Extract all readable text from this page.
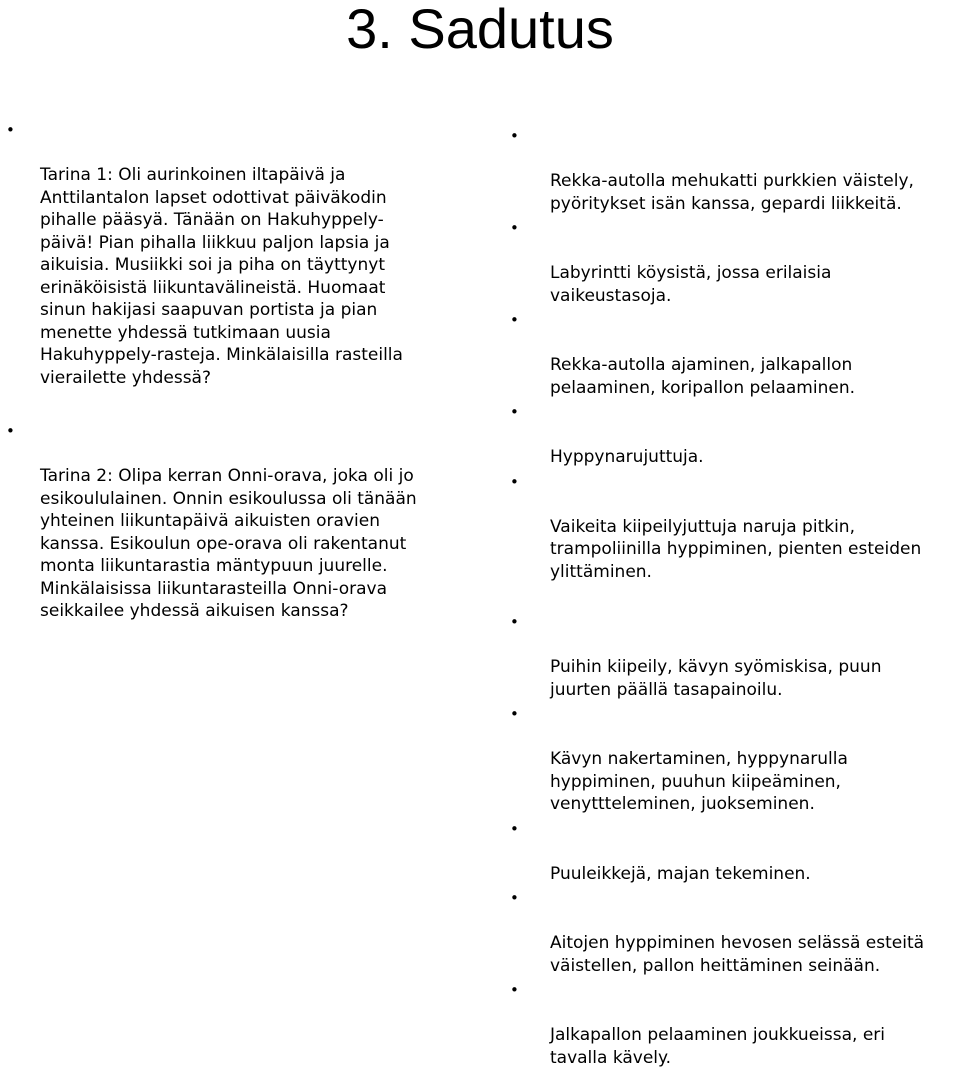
3. Sadutus

•

Tarina 1: Oli aurinkoinen iltapäivä ja
Anttilantalon lapset odottivat päiväkodin
pihalle pääsyä. Tänään on Hakuhyppely-
päivä! Pian pihalla liikkuu paljon lapsia ja
aikuisia. Musiikki soi ja piha on täyttynyt
erinäköisistä liikuntavälineistä. Huomaat
sinun hakijasi saapuvan portista ja pian
menette yhdessä tutkimaan uusia
Hakuhyppely-rasteja. Minkälaisilla rasteilla
vierailette yhdessä?

•

Tarina 2: Olipa kerran Onni-orava, joka oli jo
esikoululainen. Onnin esikoulussa oli tänään
yhteinen liikuntapäivä aikuisten oravien
kanssa. Esikoulun ope-orava oli rakentanut
monta liikuntarastia mäntypuun juurelle.
Minkälaisissa liikuntarasteilla Onni-orava
seikkailee yhdessä aikuisen kanssa?

•

Rekka-autolla mehukatti purkkien väistely,
pyöritykset isän kanssa, gepardi liikkeitä.

•

Labyrintti köysistä, jossa erilaisia
vaikeustasoja.

•

Rekka-autolla ajaminen, jalkapallon
pelaaminen, koripallon pelaaminen.

•

Hyppynarujuttuja.

•

Vaikeita kiipeilyjuttuja naruja pitkin,
trampoliinilla hyppiminen, pienten esteiden
ylittäminen.

•

Puihin kiipeily, kävyn syömiskisa, puun
juurten päällä tasapainoilu.

•

Kävyn nakertaminen, hyppynarulla
hyppiminen, puuhun kiipeäminen,
venyttteleminen, juokseminen.

•

Puuleikkejä, majan tekeminen.

•

Aitojen hyppiminen hevosen selässä esteitä
väistellen, pallon heittäminen seinään.

•

Jalkapallon pelaaminen joukkueissa, eri
tavalla kävely.
